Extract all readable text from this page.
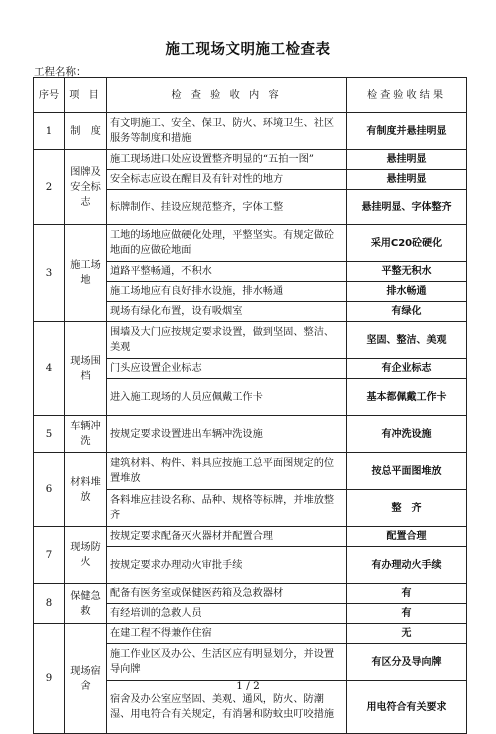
施工现场文明施工检查表
工程名称：
序号	项 目	检 查 验 收 内 容	检查验收结果
1	制　度	有文明施工、安全、保卫、防火、环境卫生、社区服务等制度和措施	有制度并悬挂明显
2	图牌及安全标志	施工现场进口处应设置整齐明显的“五拍一图”	悬挂明显
		安全标志应设在醒目及有针对性的地方	悬挂明显
		标牌制作、挂设应规范整齐，字体工整	悬挂明显、字体整齐
3	施工场地	工地的场地应做硬化处理，平整坚实。有规定做砼地面的应做砼地面	采用C20砼硬化
		道路平整畅通，不积水	平整无积水
		施工场地应有良好排水设施，排水畅通	排水畅通
		现场有绿化布置，设有吸烟室	有绿化
4	现场围档	围墙及大门应按规定要求设置，做到坚固、整洁、美观	坚固、整洁、美观
		门头应设置企业标志	有企业标志
		进入施工现场的人员应佩戴工作卡	基本都佩戴工作卡
5	车辆冲洗	按规定要求设置进出车辆冲洗设施	有冲洗设施
6	材料堆放	建筑材料、构件、料具应按施工总平面图规定的位置堆放	按总平面图堆放
		各料堆应挂设名称、品种、规格等标牌，并堆放整齐	整　齐
7	现场防火	按规定要求配备灭火器材并配置合理	配置合理
		按规定要求办理动火审批手续	有办理动火手续
8	保健急救	配备有医务室或保健医药箱及急救器材	有
		有经培训的急救人员	有
9	现场宿舍	在建工程不得兼作住宿	无
		施工作业区及办公、生活区应有明显划分，并设置导向牌	有区分及导向牌
		宿舍及办公室应坚固、美观、通风，防火、防潮湿、用电符合有关规定，有消暑和防蚊虫叮咬措施	用电符合有关要求
1 / 2
